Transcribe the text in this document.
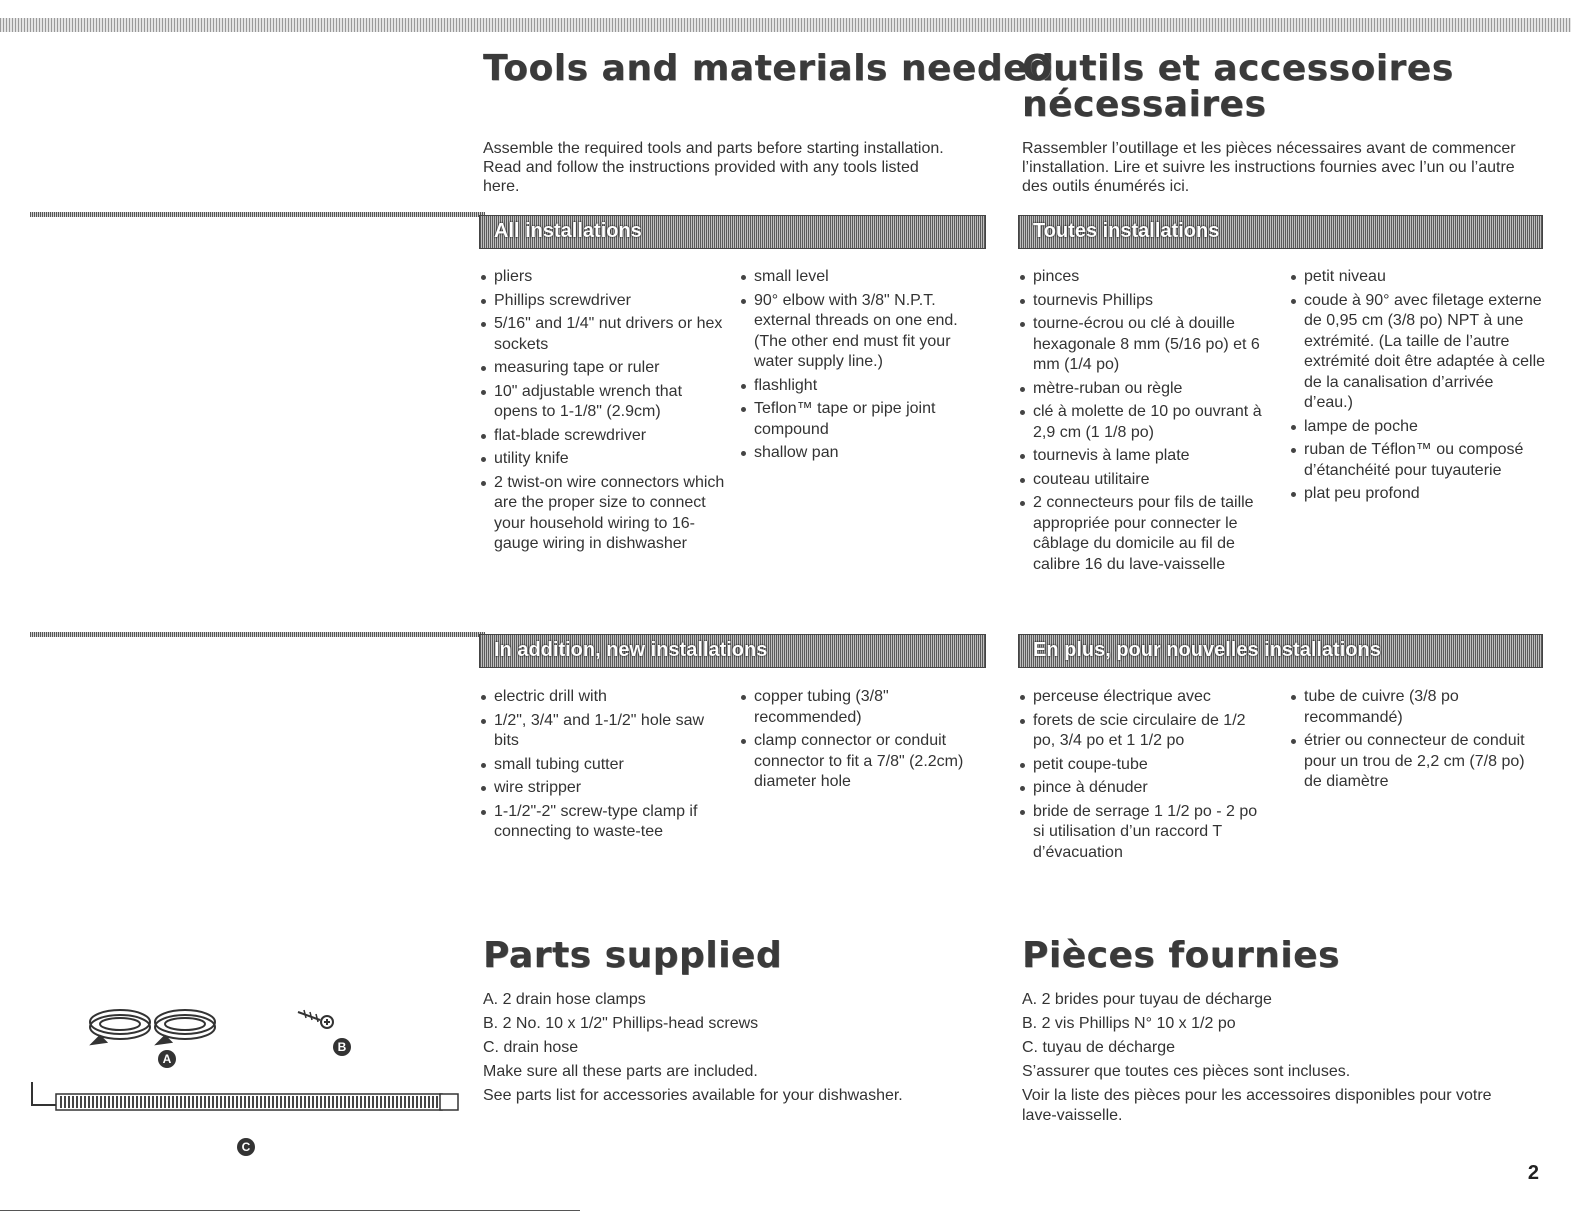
Tools and materials needed
Assemble the required tools and parts before starting installation. Read and follow the instructions provided with any tools listed here.
Outils et accessoires
nécessaires
Rassembler l’outillage et les pièces nécessaires avant de commencer l’installation. Lire et suivre les instructions fournies avec l’un ou l’autre des outils énumérés ici.
All installations	Toutes installations
pliers
Phillips screwdriver
5/16" and 1/4" nut drivers or hex sockets
measuring tape or ruler
10" adjustable wrench that opens to 1-1/8" (2.9cm)
flat-blade screwdriver
utility knife
2 twist-on wire connectors which are the proper size to connect your household wiring to 16-gauge wiring in dishwasher
small level
90° elbow with 3/8" N.P.T. external threads on one end. (The other end must fit your water supply line.)
flashlight
Teflon™ tape or pipe joint compound
shallow pan
pinces
tournevis Phillips
tourne-écrou ou clé à douille hexagonale 8 mm (5/16 po) et 6 mm (1/4 po)
mètre-ruban ou règle
clé à molette de 10 po ouvrant à 2,9 cm (1 1/8 po)
tournevis à lame plate
couteau utilitaire
2 connecteurs pour fils de taille appropriée pour connecter le câblage du domicile au fil de calibre 16 du lave-vaisselle
petit niveau
coude à 90° avec filetage externe de 0,95 cm (3/8 po) NPT à une extrémité. (La taille de l’autre extrémité doit être adaptée à celle de la canalisation d’arrivée d’eau.)
lampe de poche
ruban de Téflon™ ou composé d’étanchéité pour tuyauterie
plat peu profond
In addition, new installations	En plus, pour nouvelles installations
electric drill with
1/2", 3/4" and 1-1/2" hole saw bits
small tubing cutter
wire stripper
1-1/2"-2" screw-type clamp if connecting to waste-tee
copper tubing (3/8" recommended)
clamp connector or conduit connector to fit a 7/8" (2.2cm) diameter hole
perceuse électrique avec
forets de scie circulaire de 1/2 po, 3/4 po et 1 1/2 po
petit coupe-tube
pince à dénuder
bride de serrage 1 1/2 po - 2 po si utilisation d’un raccord T d’évacuation
tube de cuivre (3/8 po recommandé)
étrier ou connecteur de conduit pour un trou de 2,2 cm (7/8 po) de diamètre
Parts supplied
A. 2 drain hose clamps
B. 2 No. 10 x 1/2" Phillips-head screws
C. drain hose
Make sure all these parts are included.
See parts list for accessories available for your dishwasher.
Pièces fournies
A. 2 brides pour tuyau de décharge
B. 2 vis Phillips N° 10 x 1/2 po
C. tuyau de décharge
S’assurer que toutes ces pièces sont incluses.
Voir la liste des pièces pour les accessoires disponibles pour votre lave-vaisselle.
A
B
C
2
